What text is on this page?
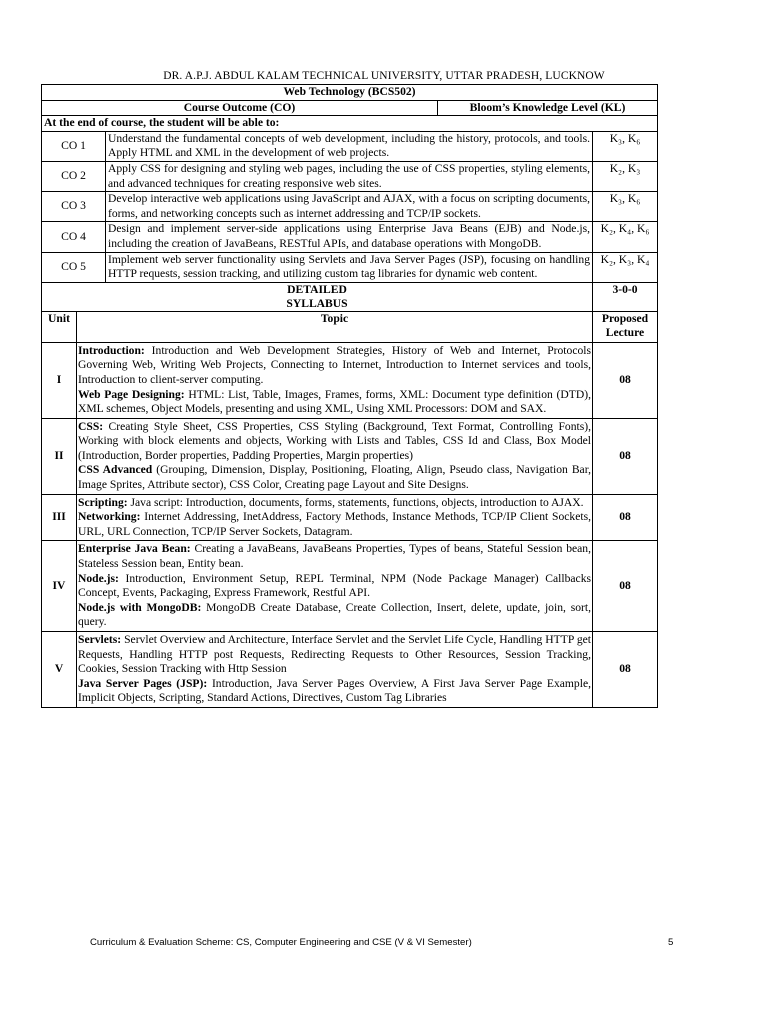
DR. A.P.J. ABDUL KALAM TECHNICAL UNIVERSITY, UTTAR PRADESH, LUCKNOW
Web Technology (BCS502)			
Course Outcome (CO)		Bloom’s Knowledge Level (KL)	
At the end of course, the student will be able to:			
CO 1	Understand the fundamental concepts of web development, including the history, protocols, and tools. Apply HTML and XML in the development of web projects.		K₃, K₆
CO 2	Apply CSS for designing and styling web pages, including the use of CSS properties, styling elements, and advanced techniques for creating responsive web sites.		K₂, K₃
CO 3	Develop interactive web applications using JavaScript and AJAX, with a focus on scripting documents, forms, and networking concepts such as internet addressing and TCP/IP sockets.		K₃, K₆
CO 4	Design and implement server-side applications using Enterprise Java Beans (EJB) and Node.js, including the creation of JavaBeans, RESTful APIs, and database operations with MongoDB.		K₂, K₄, K₆
CO 5	Implement web server functionality using Servlets and Java Server Pages (JSP), focusing on handling HTTP requests, session tracking, and utilizing custom tag libraries for dynamic web content.		K₂, K₃, K₄
DETAILED SYLLABUS		3-0-0
Unit	Topic	Proposed Lecture

I	Introduction: Introduction and Web Development Strategies, History of Web and Internet, Protocols Governing Web, Writing Web Projects, Connecting to Internet, Introduction to Internet services and tools, Introduction to client-server computing.

Web Page Designing: HTML: List, Table, Images, Frames, forms, XML: Document type definition (DTD), XML schemes, Object Models, presenting and using XML, Using XML Processors: DOM and SAX.	08
II	CSS: Creating Style Sheet, CSS Properties, CSS Styling (Background, Text Format, Controlling Fonts), Working with block elements and objects, Working with Lists and Tables, CSS Id and Class, Box Model (Introduction, Border properties, Padding Properties, Margin properties)

CSS Advanced (Grouping, Dimension, Display, Positioning, Floating, Align, Pseudo class, Navigation Bar, Image Sprites, Attribute sector), CSS Color, Creating page Layout and Site Designs.	08
III	Scripting: Java script: Introduction, documents, forms, statements, functions, objects, introduction to AJAX.

Networking: Internet Addressing, InetAddress, Factory Methods, Instance Methods, TCP/IP Client Sockets, URL, URL Connection, TCP/IP Server Sockets, Datagram.	08
IV	Enterprise Java Bean: Creating a JavaBeans, JavaBeans Properties, Types of beans, Stateful Session bean, Stateless Session bean, Entity bean.

Node.js: Introduction, Environment Setup, REPL Terminal, NPM (Node Package Manager) Callbacks Concept, Events, Packaging, Express Framework, Restful API.

Node.js with MongoDB: MongoDB Create Database, Create Collection, Insert, delete, update, join, sort, query.	08
V	Servlets: Servlet Overview and Architecture, Interface Servlet and the Servlet Life Cycle, Handling HTTP get Requests, Handling HTTP post Requests, Redirecting Requests to Other Resources, Session Tracking, Cookies, Session Tracking with Http Session

Java Server Pages (JSP): Introduction, Java Server Pages Overview, A First Java Server Page Example, Implicit Objects, Scripting, Standard Actions, Directives, Custom Tag Libraries	08
Curriculum & Evaluation Scheme: CS, Computer Engineering and CSE (V & VI Semester)	5
